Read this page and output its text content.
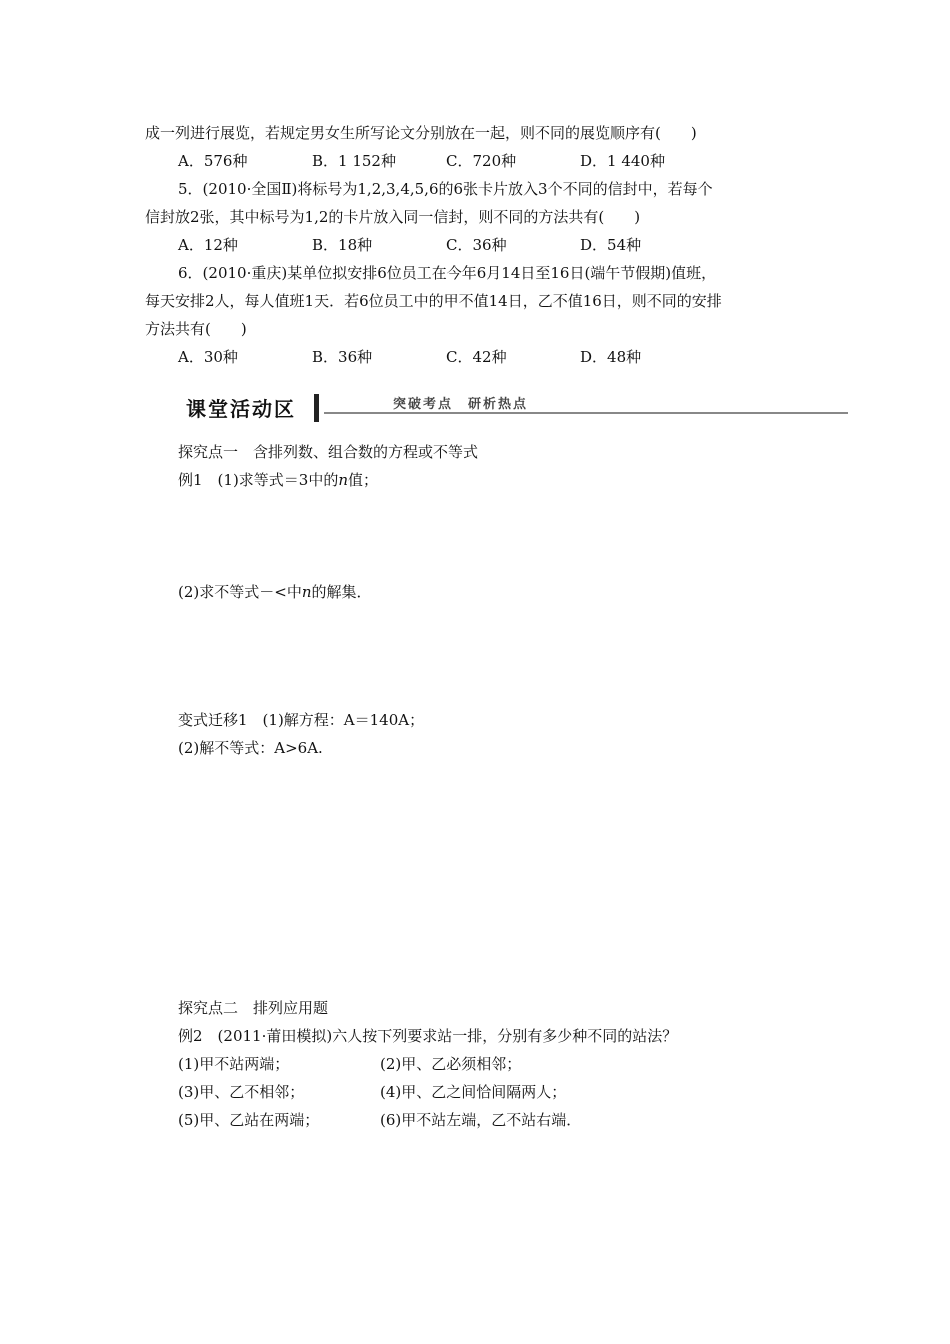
成一列进行展览，若规定男女生所写论文分别放在一起，则不同的展览顺序有(　　)
A．576种	B．1 152种	C．720种	D．1 440种
5．(2010·全国Ⅱ)将标号为1,2,3,4,5,6的6张卡片放入3个不同的信封中，若每个
信封放2张，其中标号为1,2的卡片放入同一信封，则不同的方法共有(　　)
A．12种	B．18种	C．36种	D．54种
6．(2010·重庆)某单位拟安排6位员工在今年6月14日至16日(端午节假期)值班，
每天安排2人，每人值班1天．若6位员工中的甲不值14日，乙不值16日，则不同的安排
方法共有(　　)
A．30种	B．36种	C．42种	D．48种
课堂活动区	突破考点　研析热点
探究点一　含排列数、组合数的方程或不等式
例1　(1)求等式＝3中的n值；
(2)求不等式－<中n的解集．
变式迁移1　(1)解方程：A＝140A；
(2)解不等式：A>6A.
探究点二　排列应用题
例2　(2011·莆田模拟)六人按下列要求站一排，分别有多少种不同的站法？
(1)甲不站两端；	(2)甲、乙必须相邻；
(3)甲、乙不相邻；	(4)甲、乙之间恰间隔两人；
(5)甲、乙站在两端；	(6)甲不站左端，乙不站右端．
